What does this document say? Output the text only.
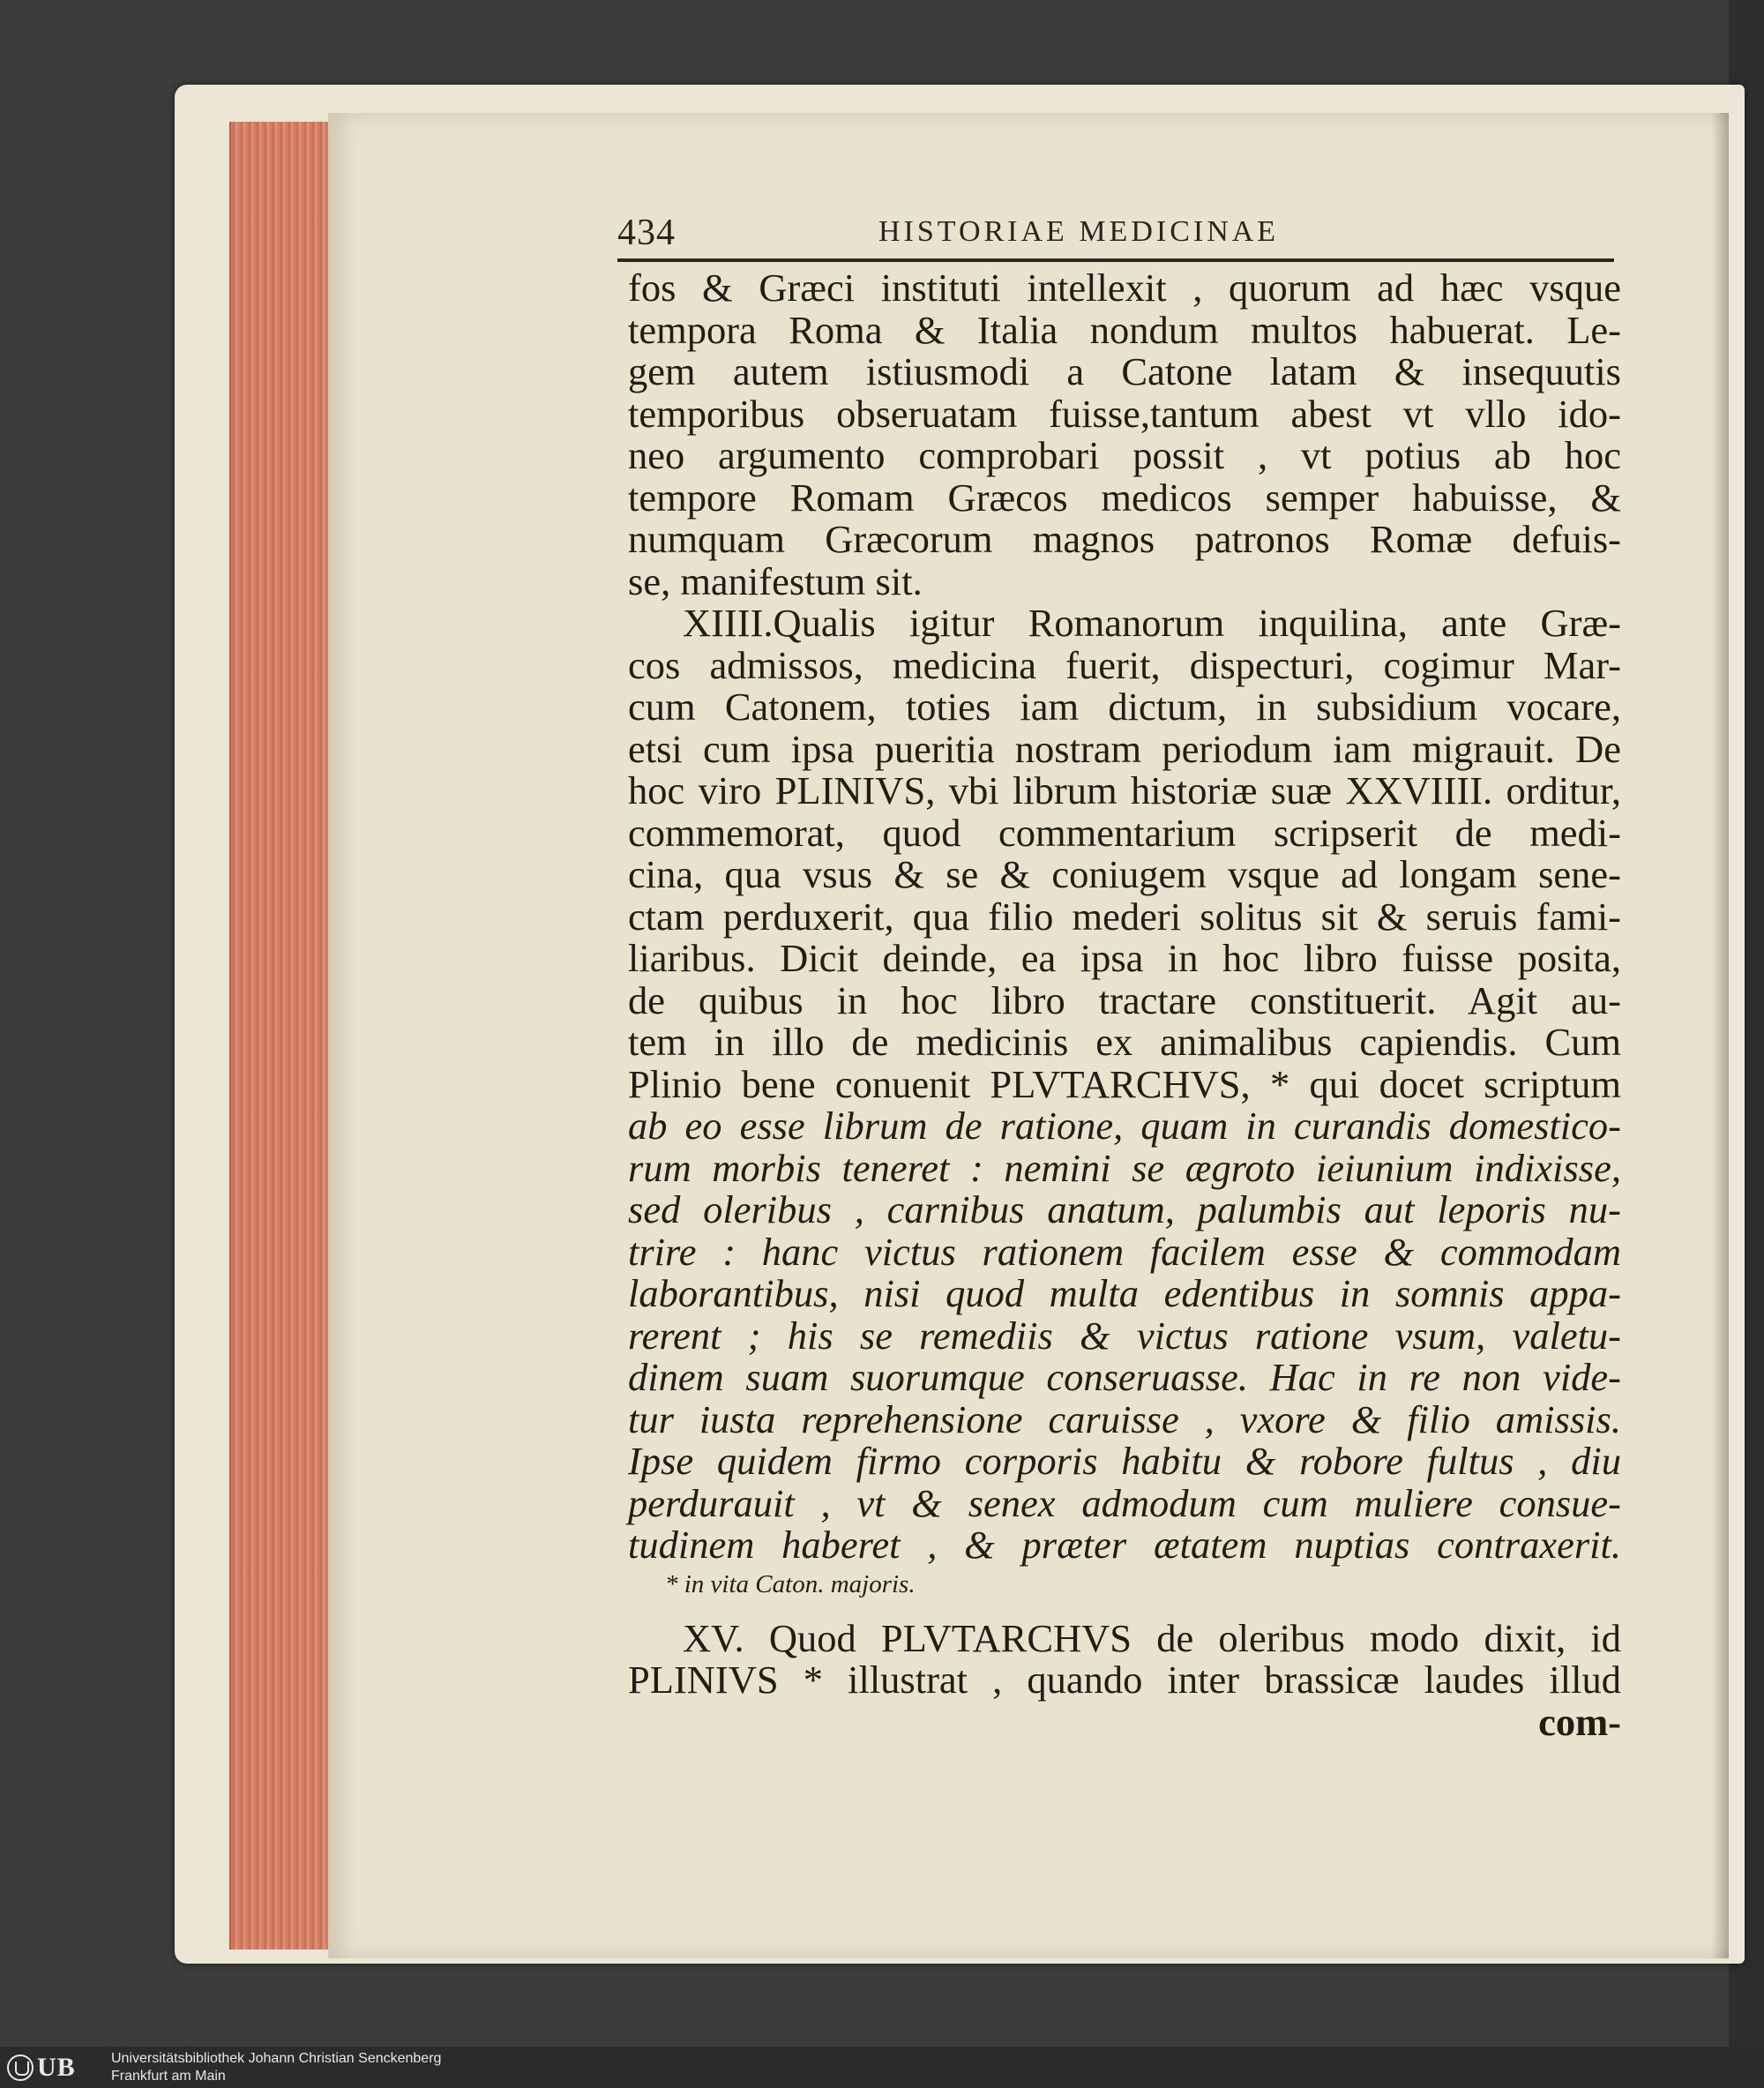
434	HISTORIAE MEDICINAE
fos & Græci instituti intellexit , quorum ad hæc vsque
tempora Roma & Italia nondum multos habuerat. Le-
gem autem istiusmodi a Catone latam & insequutis
temporibus obseruatam fuisse,tantum abest vt vllo ido-
neo argumento comprobari possit , vt potius ab hoc
tempore Romam Græcos medicos semper habuisse, &
numquam Græcorum magnos patronos Romæ defuis-
se, manifestum sit.
XIIII.Qualis igitur Romanorum inquilina, ante Græ-
cos admissos, medicina fuerit, dispecturi, cogimur Mar-
cum Catonem, toties iam dictum, in subsidium vocare,
etsi cum ipsa pueritia nostram periodum iam migrauit. De
hoc viro PLINIVS, vbi librum historiæ suæ XXVIIII. orditur,
commemorat, quod commentarium scripserit de medi-
cina, qua vsus & se & coniugem vsque ad longam sene-
ctam perduxerit, qua filio mederi solitus sit & seruis fami-
liaribus. Dicit deinde, ea ipsa in hoc libro fuisse posita,
de quibus in hoc libro tractare constituerit. Agit au-
tem in illo de medicinis ex animalibus capiendis. Cum
Plinio bene conuenit PLVTARCHVS, * qui docet scriptum
ab eo esse librum de ratione, quam in curandis domestico-
rum morbis teneret : nemini se ægroto ieiunium indixisse,
sed oleribus , carnibus anatum, palumbis aut leporis nu-
trire : hanc victus rationem facilem esse & commodam
laborantibus, nisi quod multa edentibus in somnis appa-
rerent ; his se remediis & victus ratione vsum, valetu-
dinem suam suorumque conseruasse. Hac in re non vide-
tur iusta reprehensione caruisse , vxore & filio amissis.
Ipse quidem firmo corporis habitu & robore fultus , diu
perdurauit , vt & senex admodum cum muliere consue-
tudinem haberet , & præter ætatem nuptias contraxerit.
* in vita Caton. majoris.
XV. Quod PLVTARCHVS de oleribus modo dixit, id
PLINIVS * illustrat , quando inter brassicæ laudes illud
com-
UB	Universitätsbibliothek Johann Christian Senckenberg
Frankfurt am Main
